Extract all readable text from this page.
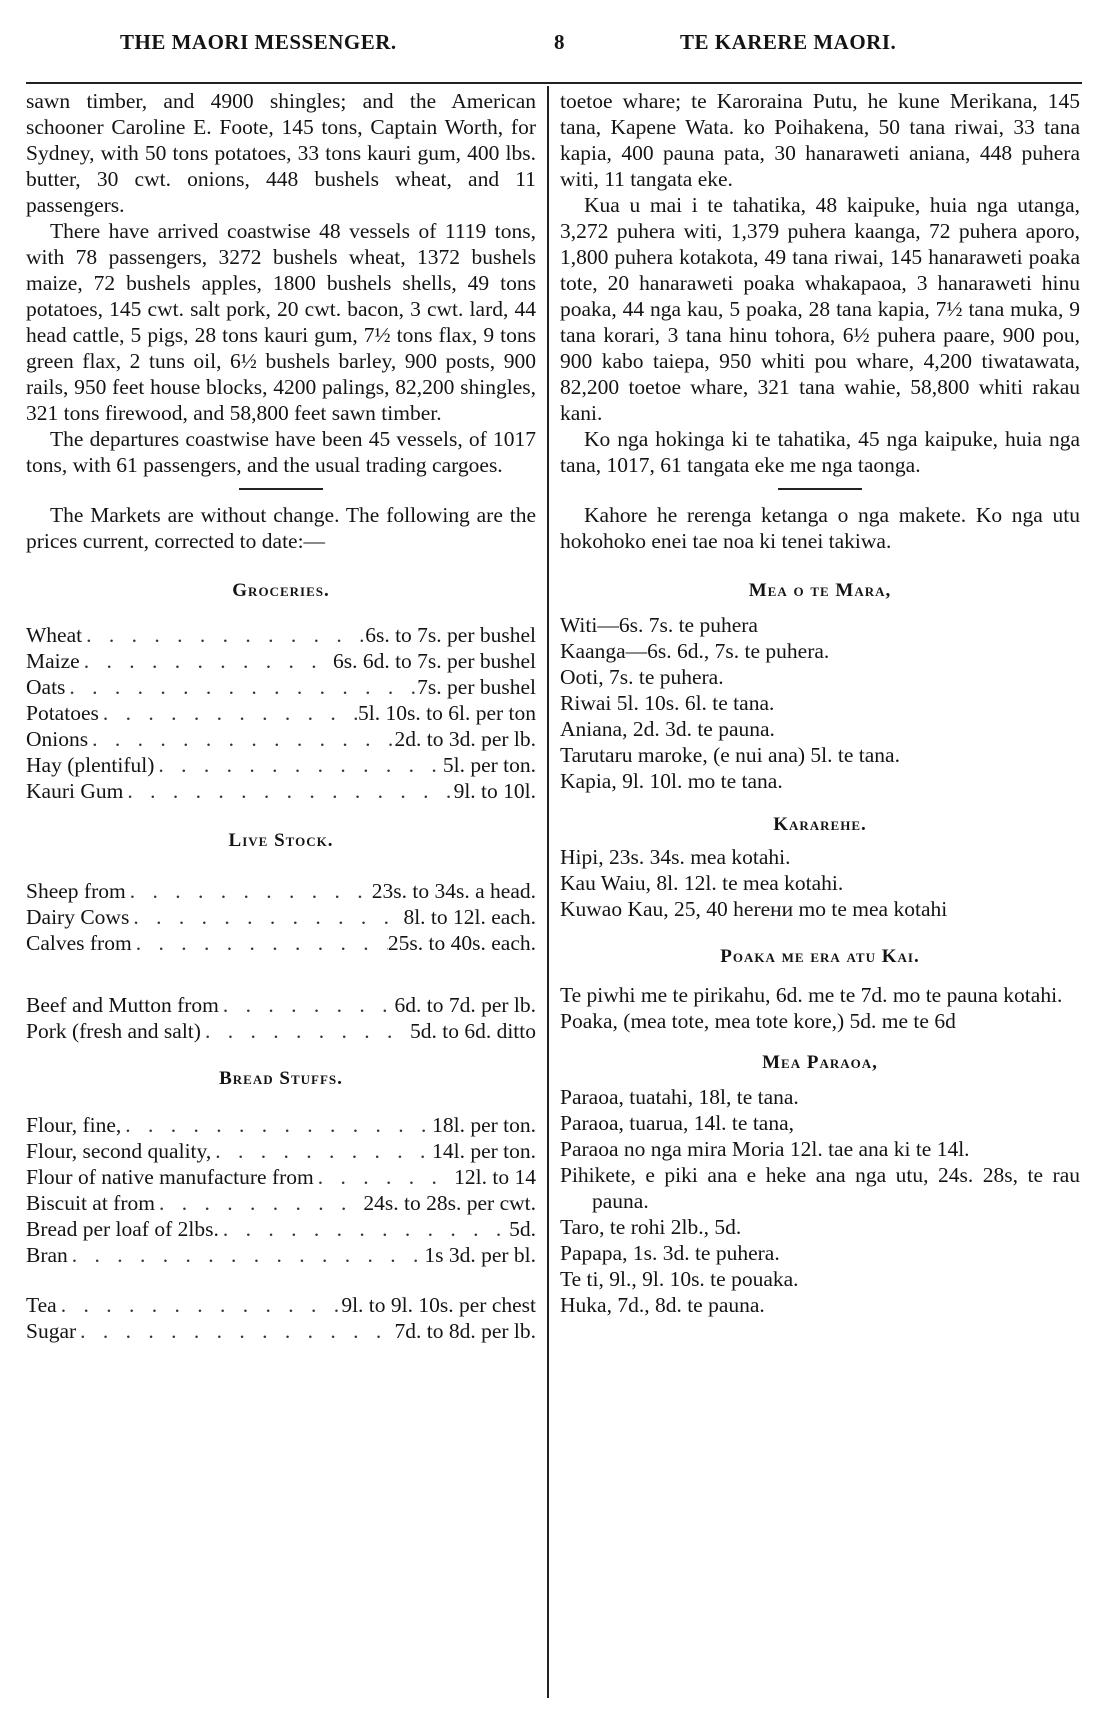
THE MAORI MESSENGER.	8	TE KARERE MAORI.

sawn timber, and 4900 shingles; and the American schooner Caroline E. Foote, 145 tons, Captain Worth, for Sydney, with 50 tons potatoes, 33 tons kauri gum, 400 lbs. butter, 30 cwt. onions, 448 bushels wheat, and 11 passengers.

There have arrived coastwise 48 vessels of 1119 tons, with 78 passengers, 3272 bushels wheat, 1372 bushels maize, 72 bushels apples, 1800 bushels shells, 49 tons potatoes, 145 cwt. salt pork, 20 cwt. bacon, 3 cwt. lard, 44 head cattle, 5 pigs, 28 tons kauri gum, 7½ tons flax, 9 tons green flax, 2 tuns oil, 6½ bushels barley, 900 posts, 900 rails, 950 feet house blocks, 4200 palings, 82,200 shingles, 321 tons firewood, and 58,800 feet sawn timber.

The departures coastwise have been 45 vessels, of 1017 tons, with 61 passengers, and the usual trading cargoes.

The Markets are without change. The following are the prices current, corrected to date:—

Groceries.
Wheat . . .	6s. to 7s. per bushel
Maize . . .	6s. 6d. to 7s. per bushel
Oats . . .	7s. per bushel
Potatoes . . .	5l. 10s. to 6l. per ton
Onions . . .	2d. to 3d. per lb.
Hay (plentiful) . . .	5l. per ton.
Kauri Gum . . .	9l. to 10l.
Live Stock.
Sheep from . . .	23s. to 34s. a head.
Dairy Cows . . .	8l. to 12l. each.
Calves from . . .	25s. to 40s. each.
Beef and Mutton from . . .	6d. to 7d. per lb.
Pork (fresh and salt) . . .	5d. to 6d. ditto
Bread Stuffs.
Flour, fine, . . .	18l. per ton.
Flour, second quality, . . .	14l. per ton.
Flour of native manufacture from . . .	12l. to 14
Biscuit at from . . .	24s. to 28s. per cwt.
Bread per loaf of 2lbs. . . .	5d.
Bran . . .	1s 3d. per bl.
Tea . . .	9l. to 9l. 10s. per chest
Sugar . . .	7d. to 8d. per lb.

toetoe whare; te Karoraina Putu, he kune Merikana, 145 tana, Kapene Wata. ko Poihakena, 50 tana riwai, 33 tana kapia, 400 pauna pata, 30 hanaraweti aniana, 448 puhera witi, 11 tangata eke.

Kua u mai i te tahatika, 48 kaipuke, huia nga utanga, 3,272 puhera witi, 1,379 puhera kaanga, 72 puhera aporo, 1,800 puhera kotakota, 49 tana riwai, 145 hanaraweti poaka tote, 20 hanaraweti poaka whakapaoa, 3 hanaraweti hinu poaka, 44 nga kau, 5 poaka, 28 tana kapia, 7½ tana muka, 9 tana korari, 3 tana hinu tohora, 6½ puhera paare, 900 pou, 900 kabo taiepa, 950 whiti pou whare, 4,200 tiwatawata, 82,200 toetoe whare, 321 tana wahie, 58,800 whiti rakau kani.

Ko nga hokinga ki te tahatika, 45 nga kaipuke, huia nga tana, 1017, 61 tangata eke me nga taonga.

Kahore he rerenga ketanga o nga makete. Ko nga utu hokohoko enei tae noa ki tenei takiwa.

Mea o te Mara,

Witi—6s. 7s. te puhera

Kaanga—6s. 6d., 7s. te puhera.

Ooti, 7s. te puhera.

Riwai 5l. 10s. 6l. te tana.

Aniana, 2d. 3d. te pauna.

Tarutaru maroke, (e nui ana) 5l. te tana.

Kapia, 9l. 10l. mo te tana.

Kararehe.

Hipi, 23s. 34s. mea kotahi.

Kau Waiu, 8l. 12l. te mea kotahi.

Kuwao Kau, 25, 40 herени mo te mea kotahi

Poaka me era atu Kai.

Te piwhi me te pirikahu, 6d. me te 7d. mo te pauna kotahi.

Poaka, (mea tote, mea tote kore,) 5d. me te 6d

Mea Paraoa,

Paraoa, tuatahi, 18l, te tana.

Paraoa, tuarua, 14l. te tana,

Paraoa no nga mira Moria 12l. tae ana ki te 14l.

Pihikete, e piki ana e heke ana nga utu, 24s. 28s, te rau pauna.

Taro, te rohi 2lb., 5d.

Papapa, 1s. 3d. te puhera.

Te ti, 9l., 9l. 10s. te pouaka.

Huka, 7d., 8d. te pauna.
